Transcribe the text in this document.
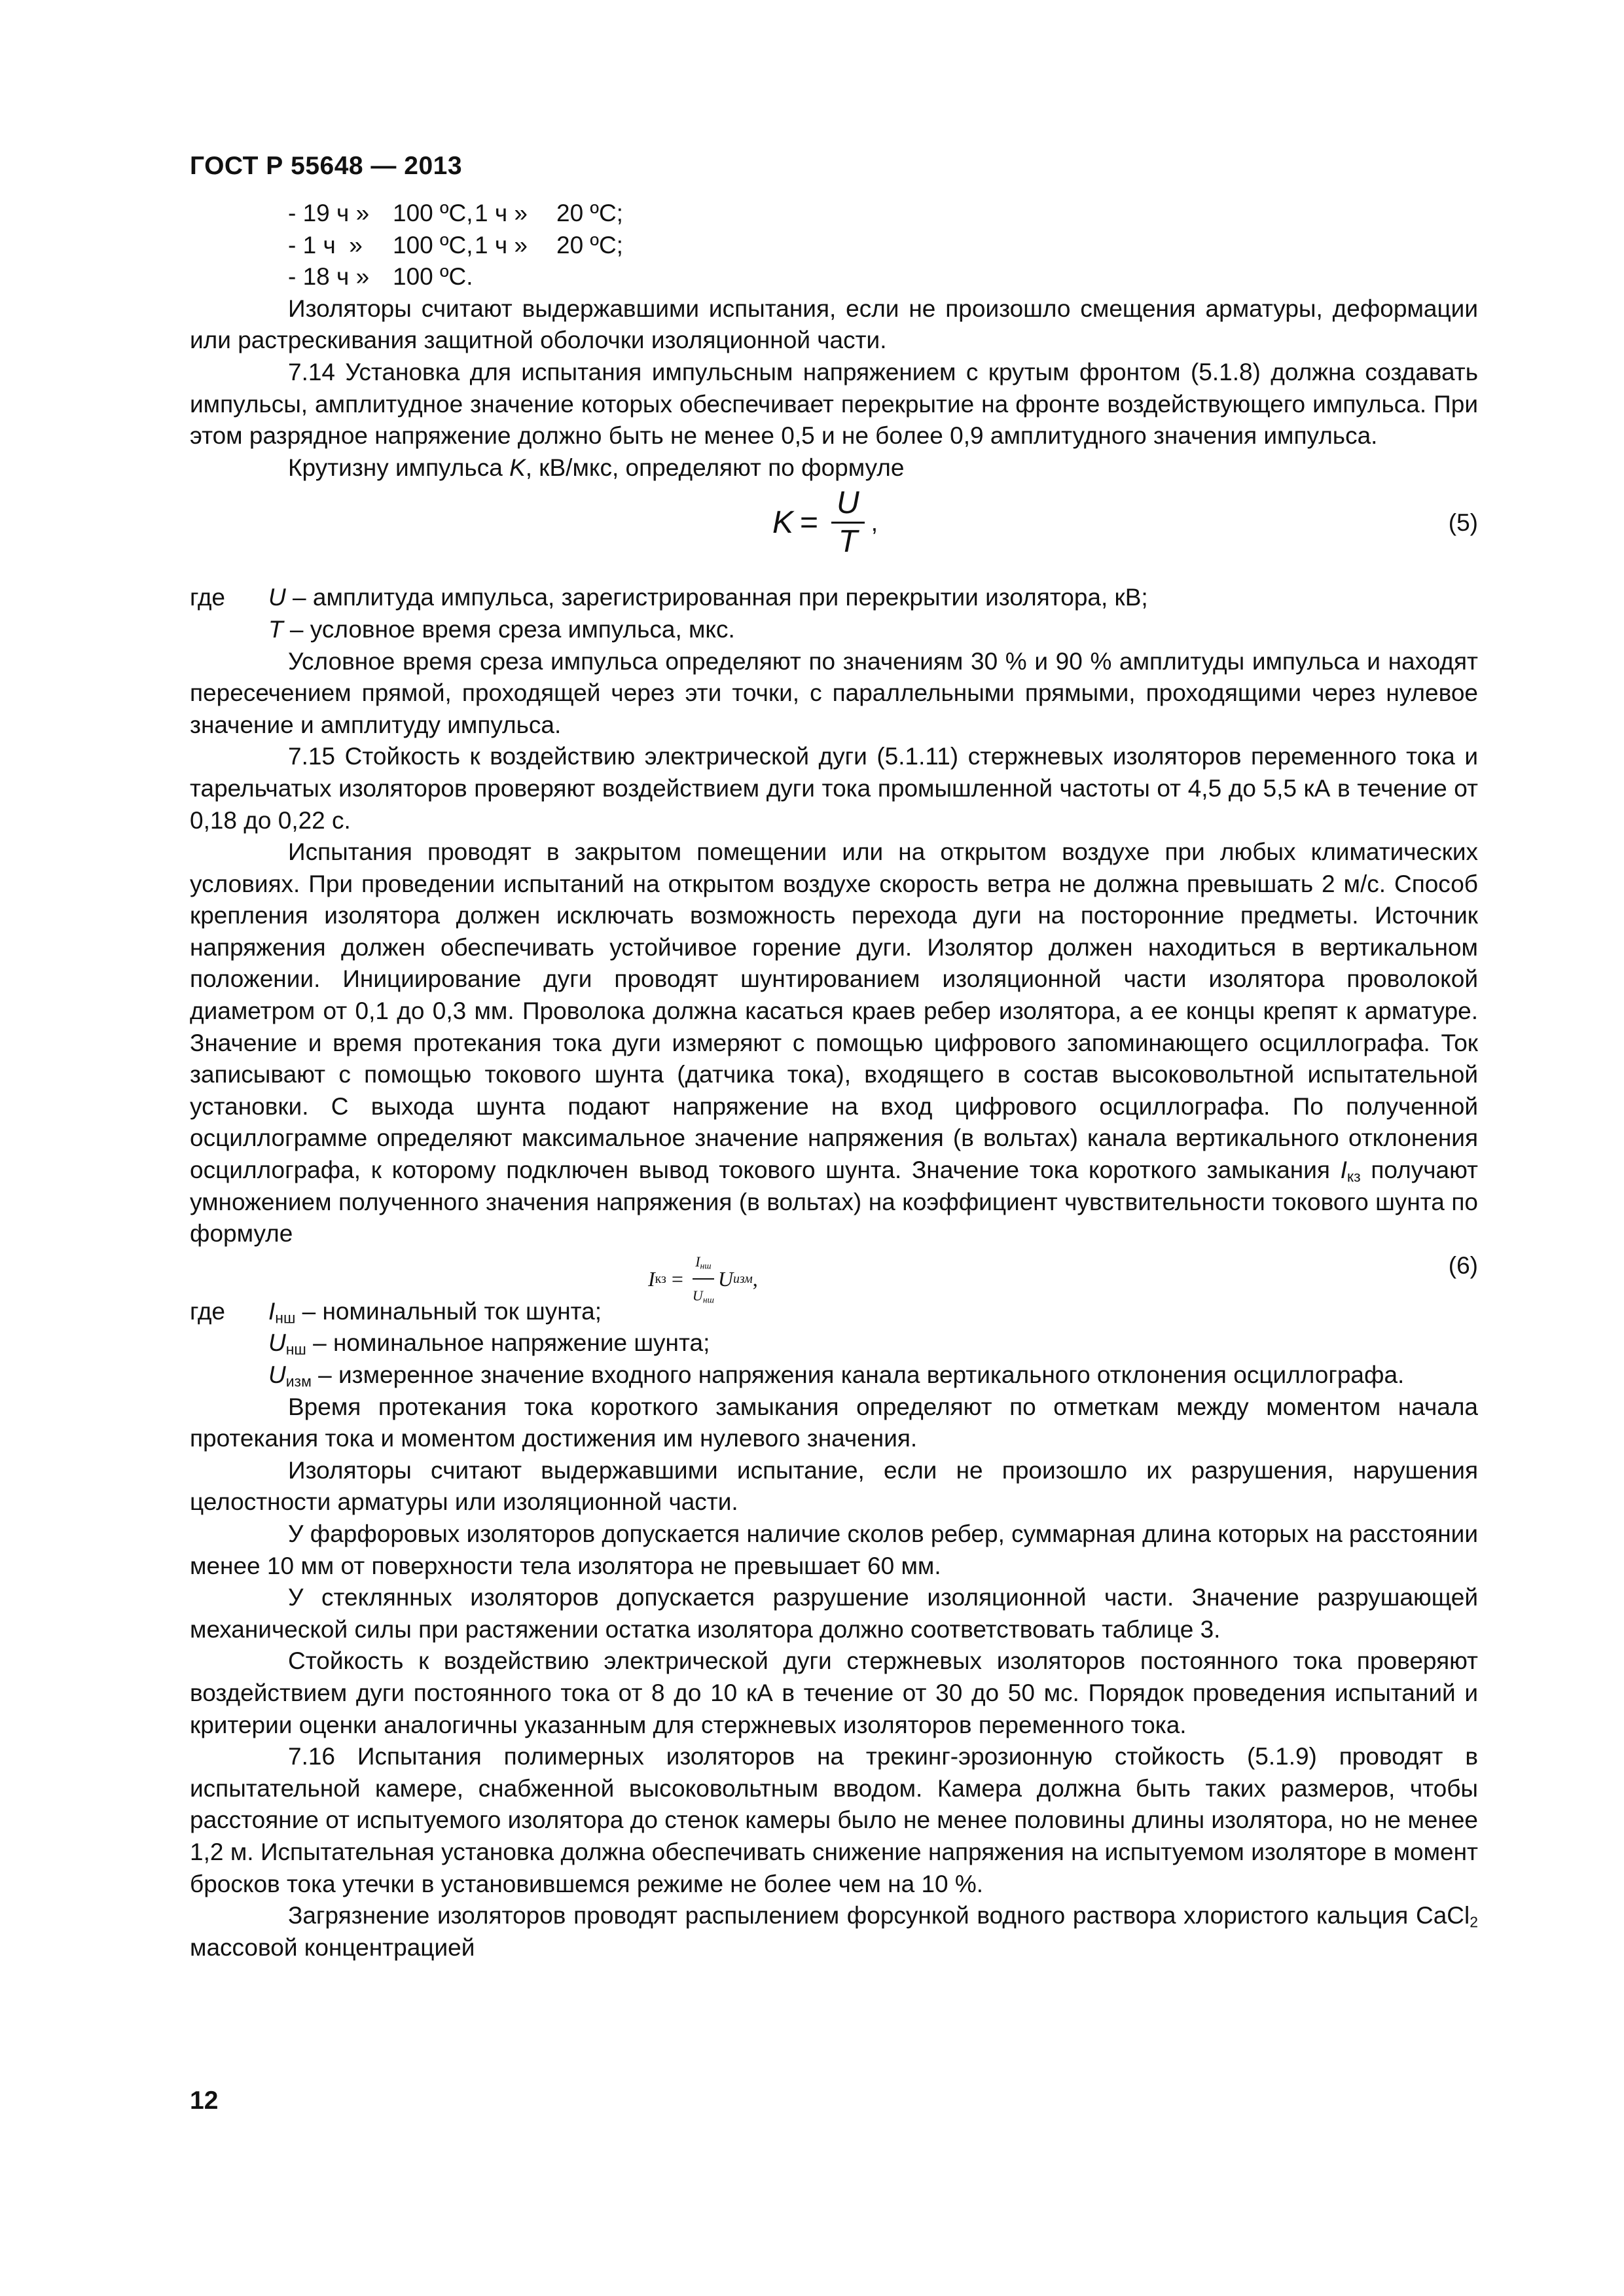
ГОСТ Р 55648 — 2013
- 19 ч » 100 ºC, 1 ч »	20 ºC;
- 1 ч  »	100 ºC, 1 ч »	20 ºC;
- 18 ч » 100 ºC.

Изоляторы считают выдержавшими испытания, если не произошло смещения арматуры, деформации или растрескивания защитной оболочки изоляционной части.

7.14 Установка для испытания импульсным напряжением с крутым фронтом (5.1.8) должна создавать импульсы, амплитудное значение которых обеспечивает перекрытие на фронте воздействующего импульса. При этом разрядное напряжение должно быть не менее 0,5 и не более 0,9 амплитудного значения импульса.

Крутизну импульса K, кВ/мкс, определяют по формуле

$K = \frac{U}{T}$ ,	(5)
где	U – амплитуда импульса, зарегистрированная при перекрытии изолятора, кВ;
T – условное время среза импульса, мкс.

Условное время среза импульса определяют по значениям 30 % и 90 % амплитуды импульса и находят пересечением прямой, проходящей через эти точки, с параллельными прямыми, проходящими через нулевое значение и амплитуду импульса.

7.15 Стойкость к воздействию электрической дуги (5.1.11) стержневых изоляторов переменного тока и тарельчатых изоляторов проверяют воздействием дуги тока промышленной частоты от 4,5 до 5,5 кА в течение от 0,18 до 0,22 с.

Испытания проводят в закрытом помещении или на открытом воздухе при любых климатических условиях. При проведении испытаний на открытом воздухе скорость ветра не должна превышать 2 м/с. Способ крепления изолятора должен исключать возможность перехода дуги на посторонние предметы. Источник напряжения должен обеспечивать устойчивое горение дуги. Изолятор должен находиться в вертикальном положении. Инициирование дуги проводят шунтированием изоляционной части изолятора проволокой диаметром от 0,1 до 0,3 мм. Проволока должна касаться краев ребер изолятора, а ее концы крепят к арматуре. Значение и время протекания тока дуги измеряют с помощью цифрового запоминающего осциллографа. Ток записывают с помощью токового шунта (датчика тока), входящего в состав высоковольтной испытательной установки. С выхода шунта подают напряжение на вход цифрового осциллографа. По полученной осциллограмме определяют максимальное значение напряжения (в вольтах) канала вертикального отклонения осциллографа, к которому подключен вывод токового шунта. Значение тока короткого замыкания $I_{кз}$ получают умножением полученного значения напряжения (в вольтах) на коэффициент чувствительности токового шунта по формуле

I кз =
$I_{нш}$
$U_{нш}$
U изм ,
(6)
где	$I_{нш}$ – номинальный ток шунта;
$U_{нш}$ – номинальное напряжение шунта;

$U_{изм}$ – измеренное значение входного напряжения канала вертикального отклонения осциллографа.

Время протекания тока короткого замыкания определяют по отметкам между моментом начала протекания тока и моментом достижения им нулевого значения.

Изоляторы считают выдержавшими испытание, если не произошло их разрушения, нарушения целостности арматуры или изоляционной части.

У фарфоровых изоляторов допускается наличие сколов ребер, суммарная длина которых на расстоянии менее 10 мм от поверхности тела изолятора не превышает 60 мм.

У стеклянных изоляторов допускается разрушение изоляционной части. Значение разрушающей механической силы при растяжении остатка изолятора должно соответствовать таблице 3.

Стойкость к воздействию электрической дуги стержневых изоляторов постоянного тока проверяют воздействием дуги постоянного тока от 8 до 10 кА в течение от 30 до 50 мс. Порядок проведения испытаний и критерии оценки аналогичны указанным для стержневых изоляторов переменного тока.

7.16 Испытания полимерных изоляторов на трекинг-эрозионную стойкость (5.1.9) проводят в испытательной камере, снабженной высоковольтным вводом. Камера должна быть таких размеров, чтобы расстояние от испытуемого изолятора до стенок камеры было не менее половины длины изолятора, но не менее 1,2 м. Испытательная установка должна обеспечивать снижение напряжения на испытуемом изоляторе в момент бросков тока утечки в установившемся режиме не более чем на 10 %.

Загрязнение изоляторов проводят распылением форсункой водного раствора хлористого кальция CaCl$_2$ массовой концентрацией

12
